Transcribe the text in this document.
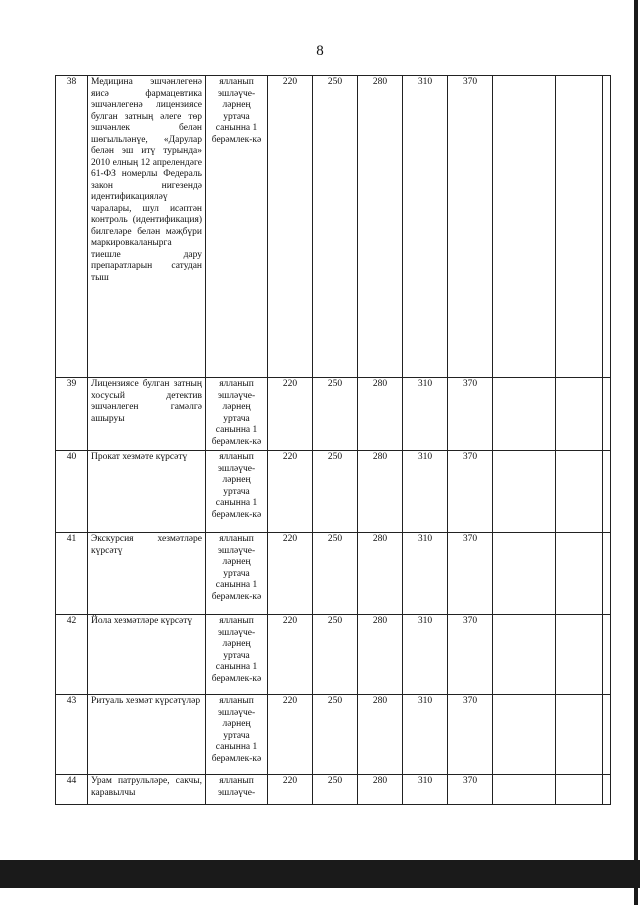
8
38	Медицина эшчәнлегенә яисә фармацевтика эшчәнлегенә лицензиясе булган затның әлеге төр эшчәнлек белән шөгыльләнүе, «Дарулар белән эш итү турында» 2010 елның 12 апрелендәге 61-ФЗ номерлы Федераль закон нигезендә идентификацияләү чаралары, шул исәптән контроль (идентификация) билгеләре белән мәҗбүри маркировкаланырга тиешле дару препаратларын сатудан тыш	ялланып эшләүче-ләрнең уртача санынна 1 берәмлек-кә	220	250	280	310	370			
39	Лицензиясе булган затның хосусый детектив эшчәнлеген гамәлгә ашыруы	ялланып эшләүче-ләрнең уртача санынна 1 берәмлек-кә	220	250	280	310	370			
40	Прокат хезмәте күрсәтү	ялланып эшләүче-ләрнең уртача санынна 1 берәмлек-кә	220	250	280	310	370			
41	Экскурсия хезмәтләре күрсәтү	ялланып эшләүче-ләрнең уртача санынна 1 берәмлек-кә	220	250	280	310	370			
42	Йола хезмәтләре күрсәтү	ялланып эшләүче-ләрнең уртача санынна 1 берәмлек-кә	220	250	280	310	370			
43	Ритуаль хезмәт күрсәтүләр	ялланып эшләүче-ләрнең уртача санынна 1 берәмлек-кә	220	250	280	310	370			
44	Урам патрульләре, сакчы, каравылчы	ялланып эшләүче-	220	250	280	310	370			
